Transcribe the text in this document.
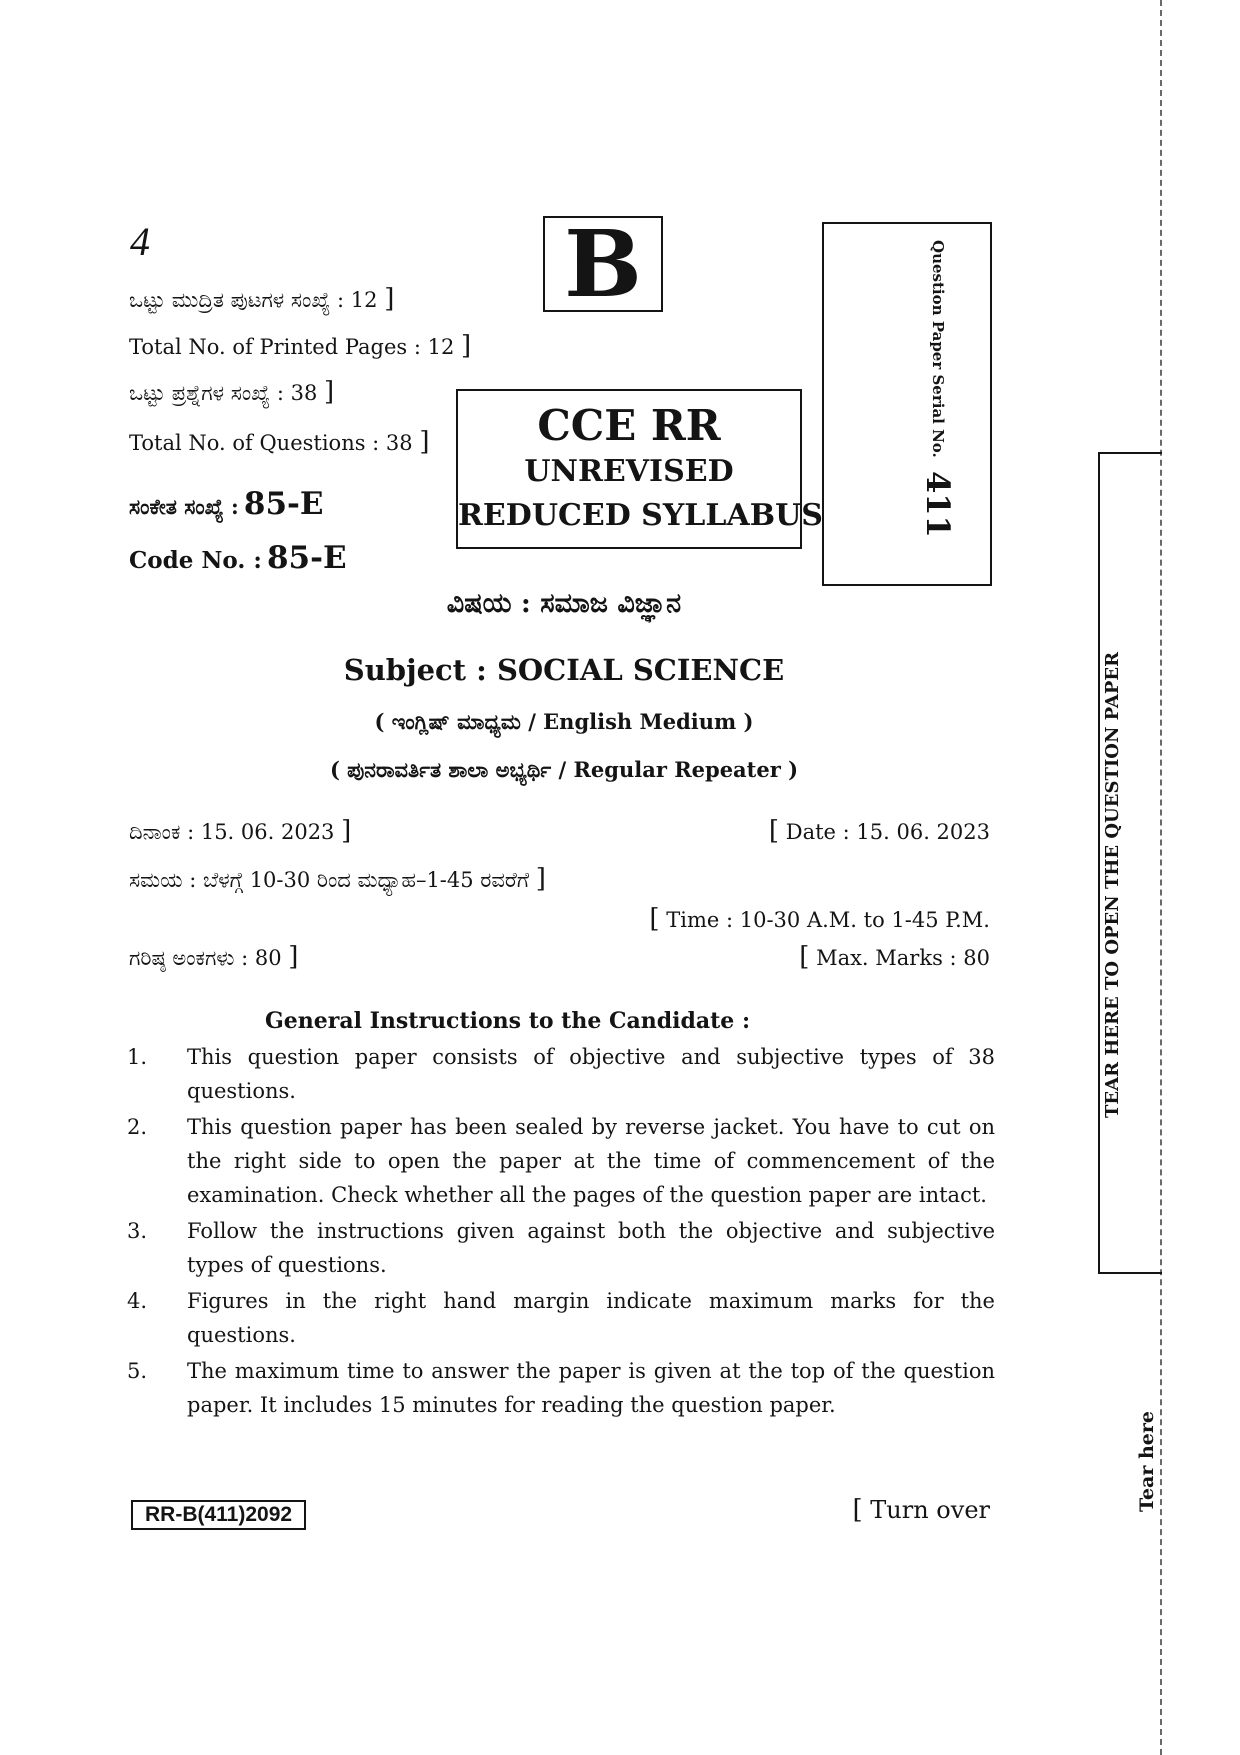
4
ಒಟ್ಟು ಮುದ್ರಿತ ಪುಟಗಳ ಸಂಖ್ಯೆ : 12 ]
Total No. of Printed Pages : 12 ]
ಒಟ್ಟು ಪ್ರಶ್ನೆಗಳ ಸಂಖ್ಯೆ : 38 ]
Total No. of Questions : 38 ]
ಸಂಕೇತ ಸಂಖ್ಯೆ : 85-E
Code No. : 85-E
B
CCE RR
UNREVISED
REDUCED SYLLABUS
Question Paper Serial No. 411
ವಿಷಯ : ಸಮಾಜ ವಿಜ್ಞಾನ
Subject : SOCIAL SCIENCE
( ಇಂಗ್ಲಿಷ್ ಮಾಧ್ಯಮ / English Medium )
( ಪುನರಾವರ್ತಿತ ಶಾಲಾ ಅಭ್ಯರ್ಥಿ / Regular Repeater )
ದಿನಾಂಕ : 15. 06. 2023 ]	[ Date : 15. 06. 2023
ಸಮಯ : ಬೆಳಗ್ಗೆ 10-30 ರಿಂದ ಮಧ್ಯಾಹ–1-45 ರವರೆಗೆ ]
[ Time : 10-30 A.M. to 1-45 P.M.
ಗರಿಷ್ಠ ಅಂಕಗಳು : 80 ]	[ Max. Marks : 80
General Instructions to the Candidate :
1. This question paper consists of objective and subjective types of 38 questions.
2. This question paper has been sealed by reverse jacket. You have to cut on the right side to open the paper at the time of commencement of the examination. Check whether all the pages of the question paper are intact.
3. Follow the instructions given against both the objective and subjective types of questions.
4. Figures in the right hand margin indicate maximum marks for the questions.
5. The maximum time to answer the paper is given at the top of the question paper. It includes 15 minutes for reading the question paper.
RR-B(411)2092	[ Turn over
TEAR HERE TO OPEN THE QUESTION PAPER
Tear here
